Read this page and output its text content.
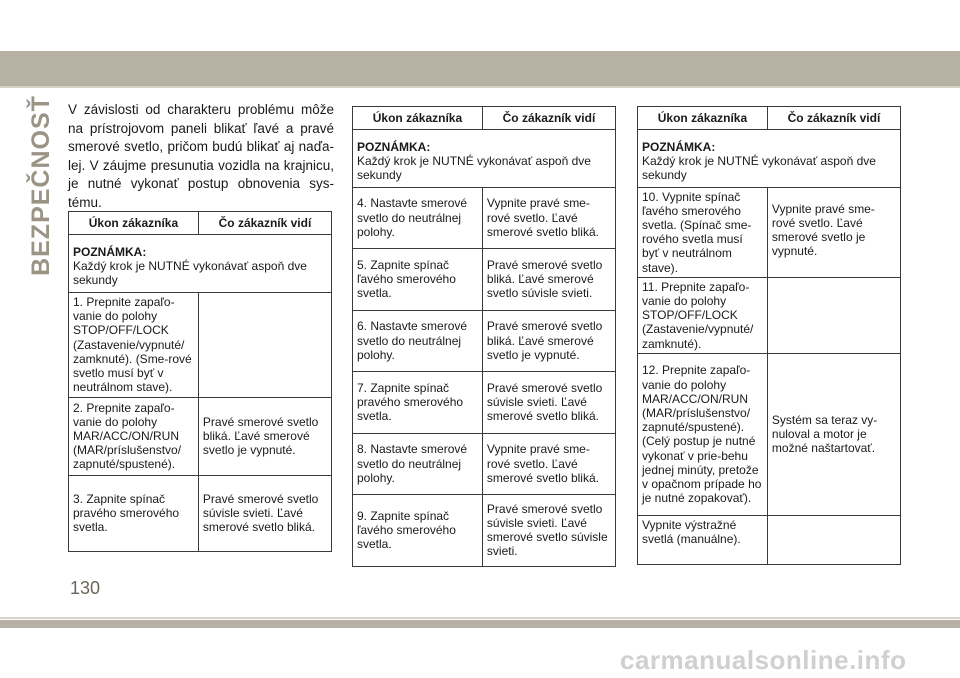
BEZPEČNOSŤ V závislosti od charakteru problému môže na prístrojovom paneli blikať ľavé a pravé smerové svetlo, pričom budú blikať aj naďa-lej. V záujme presunutia vozidla na krajnicu, je nutné vykonať postup obnovenia sys-tému.

Úkon zákazníka	Čo zákazník vidí

POZNÁMKA:
Každý krok je NUTNÉ vykonávať aspoň dve sekundy	

1. Prepnite zapaľo-vanie do polohy STOP/OFF/LOCK (Zastavenie/vypnuté/ zamknuté). (Sme-rové svetlo musí byť v neutrálnom stave).	
2. Prepnite zapaľo-vanie do polohy MAR/ACC/ON/RUN (MAR/príslušenstvo/ zapnuté/spustené).	Pravé smerové svetlo bliká. Ľavé smerové svetlo je vypnuté.
3. Zapnite spínač pravého smerového svetla.	Pravé smerové svetlo súvisle svieti. Ľavé smerové svetlo bliká.
Úkon zákazníka	Čo zákazník vidí

POZNÁMKA:
Každý krok je NUTNÉ vykonávať aspoň dve sekundy	

4. Nastavte smerové svetlo do neutrálnej polohy.	Vypnite pravé sme-rové svetlo. Ľavé smerové svetlo bliká.
5. Zapnite spínač ľavého smerového svetla.	Pravé smerové svetlo bliká. Ľavé smerové svetlo súvisle svieti.
6. Nastavte smerové svetlo do neutrálnej polohy.	Pravé smerové svetlo bliká. Ľavé smerové svetlo je vypnuté.
7. Zapnite spínač pravého smerového svetla.	Pravé smerové svetlo súvisle svieti. Ľavé smerové svetlo bliká.
8. Nastavte smerové svetlo do neutrálnej polohy.	Vypnite pravé sme-rové svetlo. Ľavé smerové svetlo bliká.
9. Zapnite spínač ľavého smerového svetla.	Pravé smerové svetlo súvisle svieti. Ľavé smerové svetlo súvisle svieti.
Úkon zákazníka	Čo zákazník vidí

POZNÁMKA:
Každý krok je NUTNÉ vykonávať aspoň dve sekundy	

10. Vypnite spínač ľavého smerového svetla. (Spínač sme-rového svetla musí byť v neutrálnom stave).	Vypnite pravé sme-rové svetlo. Ľavé smerové svetlo je vypnuté.
11. Prepnite zapaľo-vanie do polohy STOP/OFF/LOCK (Zastavenie/vypnuté/ zamknuté).	
12. Prepnite zapaľo-vanie do polohy MAR/ACC/ON/RUN (MAR/príslušenstvo/ zapnuté/spustené). (Celý postup je nutné vykonať v prie-behu jednej minúty, pretože v opačnom prípade ho je nutné zopakovať).	Systém sa teraz vy-nuloval a motor je možné naštartovať.
Vypnite výstražné svetlá (manuálne).	
130
carmanualsonline.info
